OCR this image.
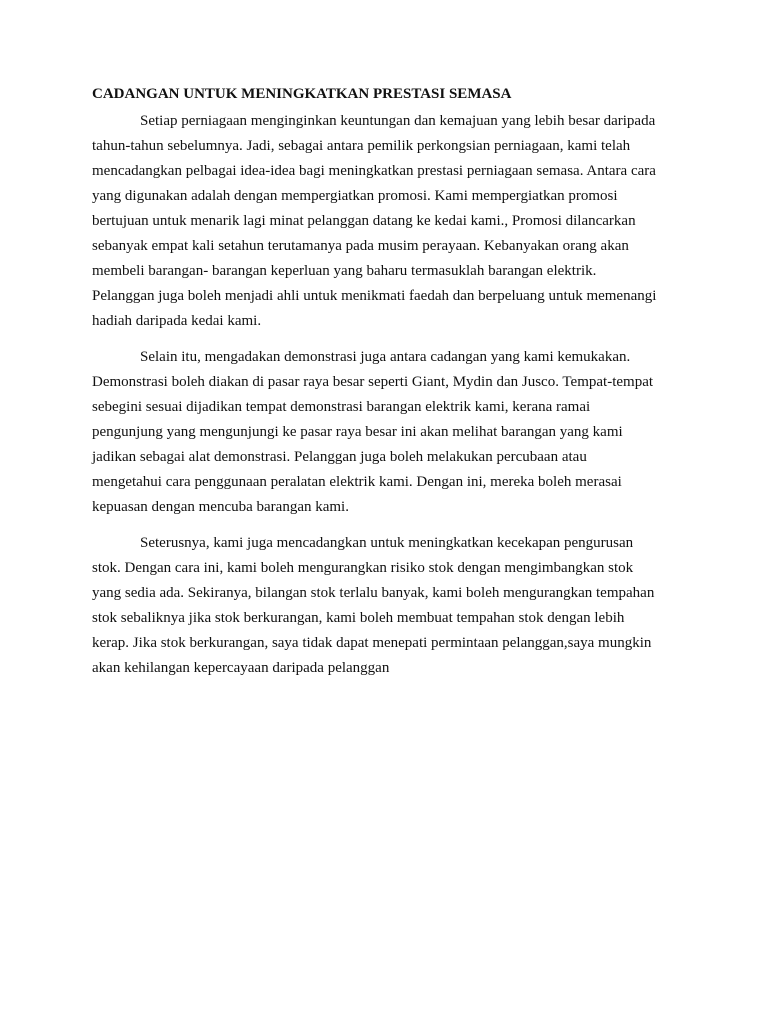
CADANGAN UNTUK MENINGKATKAN PRESTASI SEMASA
Setiap perniagaan menginginkan keuntungan dan kemajuan yang lebih besar daripada
tahun-tahun sebelumnya. Jadi, sebagai antara pemilik perkongsian perniagaan, kami telah
mencadangkan pelbagai idea-idea bagi meningkatkan prestasi perniagaan semasa. Antara cara
yang digunakan adalah dengan mempergiatkan promosi. Kami mempergiatkan promosi
bertujuan untuk menarik lagi minat pelanggan datang ke kedai kami., Promosi dilancarkan
sebanyak empat kali setahun terutamanya pada musim perayaan. Kebanyakan orang akan
membeli barangan- barangan keperluan yang baharu termasuklah barangan elektrik.
Pelanggan juga boleh menjadi ahli untuk menikmati faedah dan berpeluang untuk memenangi
hadiah daripada kedai kami.
Selain itu, mengadakan demonstrasi juga antara cadangan yang kami kemukakan.
Demonstrasi boleh diakan di pasar raya besar seperti Giant, Mydin dan Jusco. Tempat-tempat
sebegini sesuai dijadikan tempat demonstrasi barangan elektrik kami, kerana ramai
pengunjung yang mengunjungi ke pasar raya besar ini akan melihat barangan yang kami
jadikan sebagai alat demonstrasi. Pelanggan juga boleh melakukan percubaan atau
mengetahui cara penggunaan peralatan elektrik kami. Dengan ini, mereka boleh merasai
kepuasan dengan mencuba barangan kami.
Seterusnya, kami juga mencadangkan untuk meningkatkan kecekapan pengurusan
stok. Dengan cara ini, kami boleh mengurangkan risiko stok dengan mengimbangkan stok
yang sedia ada. Sekiranya, bilangan stok terlalu banyak, kami boleh mengurangkan tempahan
stok sebaliknya jika stok berkurangan, kami boleh membuat tempahan stok dengan lebih
kerap. Jika stok berkurangan, saya tidak dapat menepati permintaan pelanggan,saya mungkin
akan kehilangan kepercayaan daripada pelanggan
